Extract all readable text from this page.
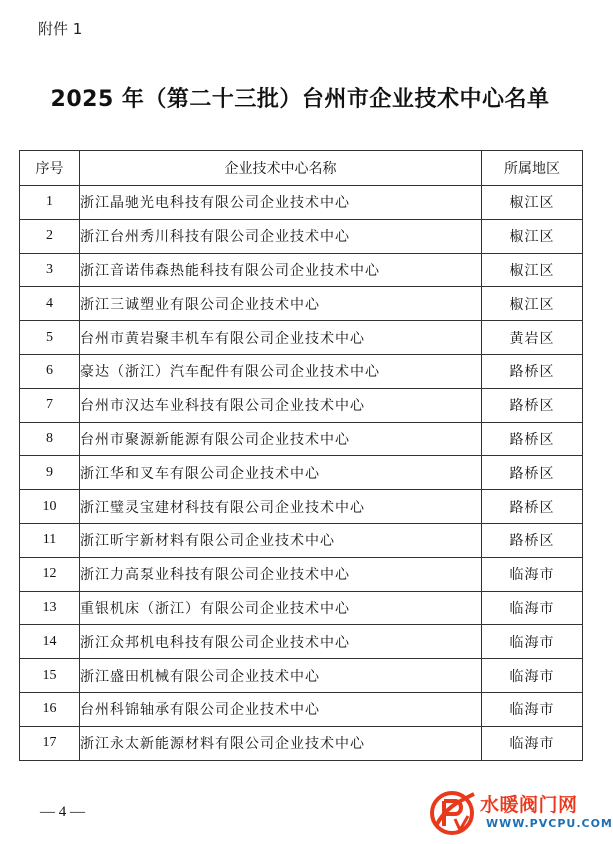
附件 1
2025 年（第二十三批）台州市企业技术中心名单
序号	企业技术中心名称	所属地区
1	浙江晶驰光电科技有限公司企业技术中心	椒江区
2	浙江台州秀川科技有限公司企业技术中心	椒江区
3	浙江音诺伟森热能科技有限公司企业技术中心	椒江区
4	浙江三诚塑业有限公司企业技术中心	椒江区
5	台州市黄岩聚丰机车有限公司企业技术中心	黄岩区
6	豪达（浙江）汽车配件有限公司企业技术中心	路桥区
7	台州市汉达车业科技有限公司企业技术中心	路桥区
8	台州市聚源新能源有限公司企业技术中心	路桥区
9	浙江华和叉车有限公司企业技术中心	路桥区
10	浙江璧灵宝建材科技有限公司企业技术中心	路桥区
11	浙江昕宇新材料有限公司企业技术中心	路桥区
12	浙江力高泵业科技有限公司企业技术中心	临海市
13	重银机床（浙江）有限公司企业技术中心	临海市
14	浙江众邦机电科技有限公司企业技术中心	临海市
15	浙江盛田机械有限公司企业技术中心	临海市
16	台州科锦轴承有限公司企业技术中心	临海市
17	浙江永太新能源材料有限公司企业技术中心	临海市
— 4 —	水暖阀门网
WWW.PVCPU.COM
